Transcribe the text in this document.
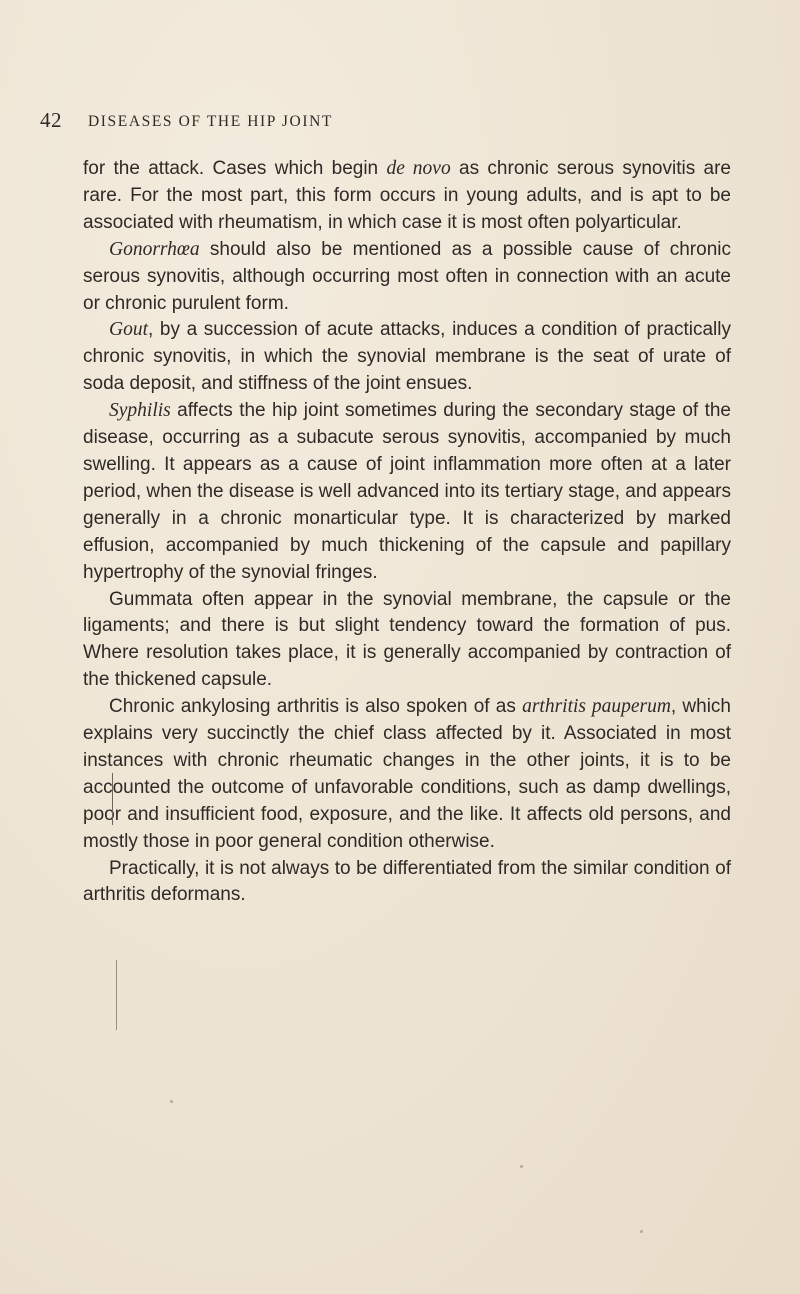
42 DISEASES OF THE HIP JOINT

for the attack. Cases which begin de novo as chronic serous synovitis are rare. For the most part, this form occurs in young adults, and is apt to be associated with rheumatism, in which case it is most often polyarticular.

Gonorrhœa should also be mentioned as a possible cause of chronic serous synovitis, although occurring most often in connection with an acute or chronic purulent form.

Gout, by a succession of acute attacks, induces a condition of practically chronic synovitis, in which the synovial membrane is the seat of urate of soda deposit, and stiffness of the joint ensues.

Syphilis affects the hip joint sometimes during the secondary stage of the disease, occurring as a subacute serous synovitis, accompanied by much swelling. It appears as a cause of joint inflammation more often at a later period, when the disease is well advanced into its tertiary stage, and appears generally in a chronic monarticular type. It is characterized by marked effusion, accompanied by much thickening of the capsule and papillary hypertrophy of the synovial fringes.

Gummata often appear in the synovial membrane, the capsule or the ligaments; and there is but slight tendency toward the formation of pus. Where resolution takes place, it is generally accompanied by contraction of the thickened capsule.

Chronic ankylosing arthritis is also spoken of as arthritis pauperum, which explains very succinctly the chief class affected by it. Associated in most instances with chronic rheumatic changes in the other joints, it is to be accounted the outcome of unfavorable conditions, such as damp dwellings, poor and insufficient food, exposure, and the like. It affects old persons, and mostly those in poor general condition otherwise.

Practically, it is not always to be differentiated from the similar condition of arthritis deformans.
